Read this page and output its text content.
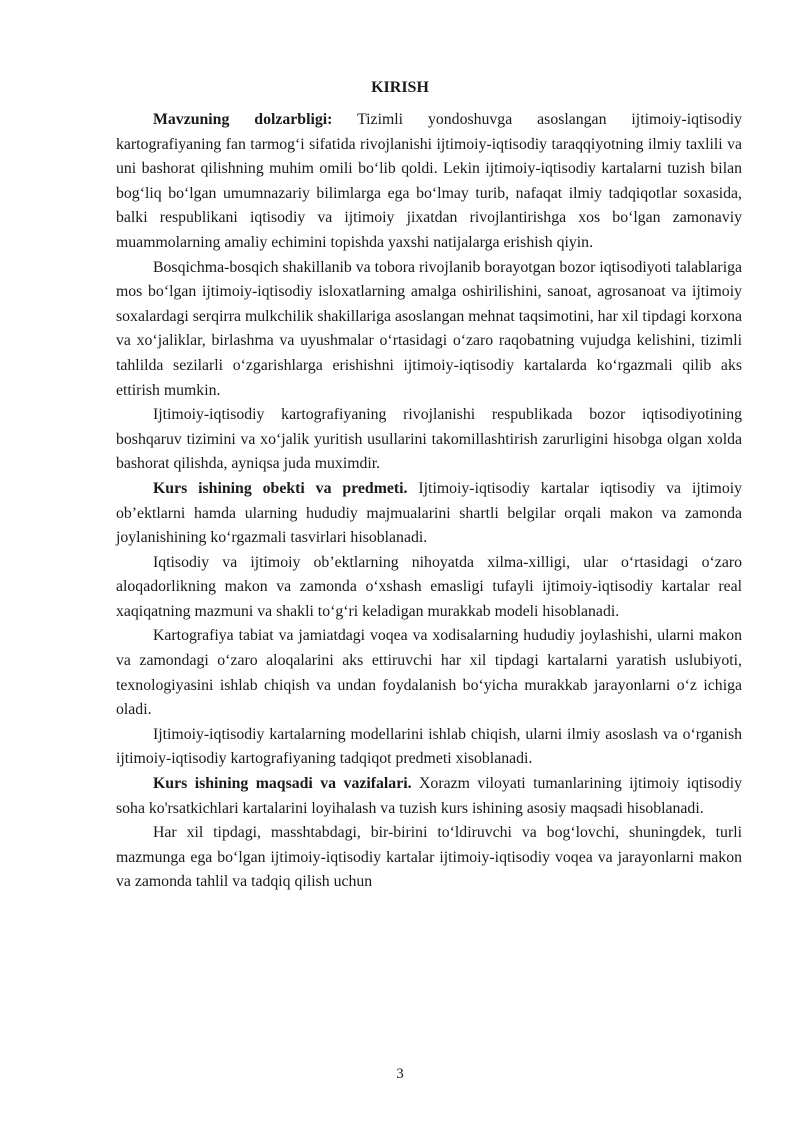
KIRISH

Mavzuning dolzarbligi: Tizimli yondoshuvga asoslangan ijtimoiy-iqtisodiy kartografiyaning fan tarmog‘i sifatida rivojlanishi ijtimoiy-iqtisodiy taraqqiyotning ilmiy taxlili va uni bashorat qilishning muhim omili bo‘lib qoldi. Lekin ijtimoiy-iqtisodiy kartalarni tuzish bilan bog‘liq bo‘lgan umumnazariy bilimlarga ega bo‘lmay turib, nafaqat ilmiy tadqiqotlar soxasida, balki respublikani iqtisodiy va ijtimoiy jixatdan rivojlantirishga xos bo‘lgan zamonaviy muammolarning amaliy echimini topishda yaxshi natijalarga erishish qiyin.

Bosqichma-bosqich shakillanib va tobora rivojlanib borayotgan bozor iqtisodiyoti talablariga mos bo‘lgan ijtimoiy-iqtisodiy isloxatlarning amalga oshirilishini, sanoat, agrosanoat va ijtimoiy soxalardagi serqirra mulkchilik shakillariga asoslangan mehnat taqsimotini, har xil tipdagi korxona va xo‘jaliklar, birlashma va uyushmalar o‘rtasidagi o‘zaro raqobatning vujudga kelishini, tizimli tahlilda sezilarli o‘zgarishlarga erishishni ijtimoiy-iqtisodiy kartalarda ko‘rgazmali qilib aks ettirish mumkin.

Ijtimoiy-iqtisodiy kartografiyaning rivojlanishi respublikada bozor iqtisodiyotining boshqaruv tizimini va xo‘jalik yuritish usullarini takomillashtirish zarurligini hisobga olgan xolda bashorat qilishda, ayniqsa juda muximdir.

Kurs ishining obekti va predmeti. Ijtimoiy-iqtisodiy kartalar iqtisodiy va ijtimoiy ob’ektlarni hamda ularning hududiy majmualarini shartli belgilar orqali makon va zamonda joylanishining ko‘rgazmali tasvirlari hisoblanadi.

Iqtisodiy va ijtimoiy ob’ektlarning nihoyatda xilma-xilligi, ular o‘rtasidagi o‘zaro aloqadorlikning makon va zamonda o‘xshash emasligi tufayli ijtimoiy-iqtisodiy kartalar real xaqiqatning mazmuni va shakli to‘g‘ri keladigan murakkab modeli hisoblanadi.

Kartografiya tabiat va jamiatdagi voqea va xodisalarning hududiy joylashishi, ularni makon va zamondagi o‘zaro aloqalarini aks ettiruvchi har xil tipdagi kartalarni yaratish uslubiyoti, texnologiyasini ishlab chiqish va undan foydalanish bo‘yicha murakkab jarayonlarni o‘z ichiga oladi.

Ijtimoiy-iqtisodiy kartalarning modellarini ishlab chiqish, ularni ilmiy asoslash va o‘rganish ijtimoiy-iqtisodiy kartografiyaning tadqiqot predmeti xisoblanadi.

Kurs ishining maqsadi va vazifalari. Xorazm viloyati tumanlarining ijtimoiy iqtisodiy soha ko'rsatkichlari kartalarini loyihalash va tuzish kurs ishining asosiy maqsadi hisoblanadi.

Har xil tipdagi, masshtabdagi, bir-birini to‘ldiruvchi va bog‘lovchi, shuningdek, turli mazmunga ega bo‘lgan ijtimoiy-iqtisodiy kartalar ijtimoiy-iqtisodiy voqea va jarayonlarni makon va zamonda tahlil va tadqiq qilish uchun

3
